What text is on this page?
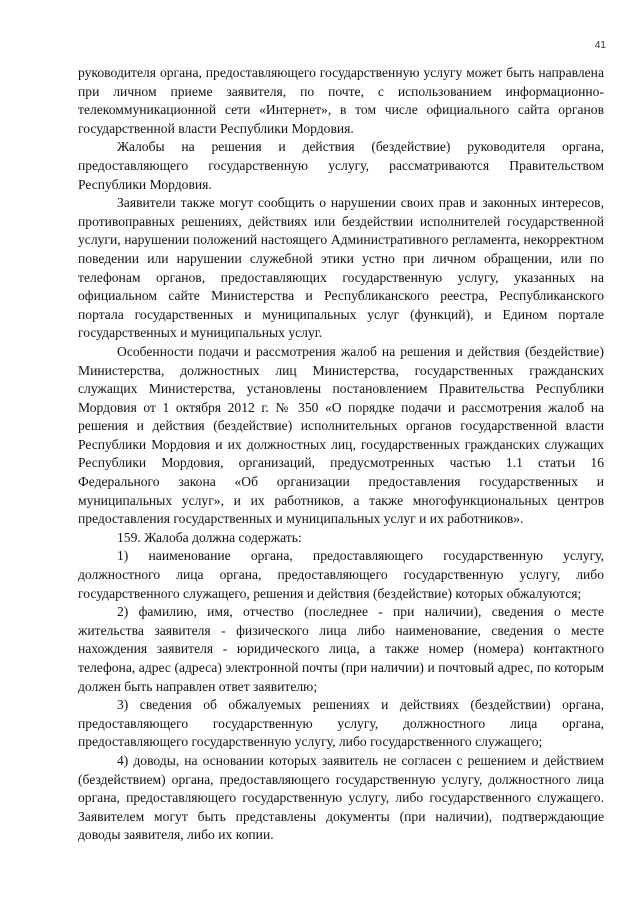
41

руководителя органа, предоставляющего государственную услугу может быть направлена при личном приеме заявителя, по почте, с использованием информационно-телекоммуникационной сети «Интернет», в том числе официального сайта органов государственной власти Республики Мордовия.

Жалобы на решения и действия (бездействие) руководителя органа, предоставляющего государственную услугу, рассматриваются Правительством Республики Мордовия.

Заявители также могут сообщить о нарушении своих прав и законных интересов, противоправных решениях, действиях или бездействии исполнителей государственной услуги, нарушении положений настоящего Административного регламента, некорректном поведении или нарушении служебной этики устно при личном обращении, или по телефонам органов, предоставляющих государственную услугу, указанных на официальном сайте Министерства и Республиканского реестра, Республиканского портала государственных и муниципальных услуг (функций), и Едином портале государственных и муниципальных услуг.

Особенности подачи и рассмотрения жалоб на решения и действия (бездействие) Министерства, должностных лиц Министерства, государственных гражданских служащих Министерства, установлены постановлением Правительства Республики Мордовия от 1 октября 2012 г. № 350 «О порядке подачи и рассмотрения жалоб на решения и действия (бездействие) исполнительных органов государственной власти Республики Мордовия и их должностных лиц, государственных гражданских служащих Республики Мордовия, организаций, предусмотренных частью 1.1 статьи 16 Федерального закона «Об организации предоставления государственных и муниципальных услуг», и их работников, а также многофункциональных центров предоставления государственных и муниципальных услуг и их работников».

159. Жалоба должна содержать:

1) наименование органа, предоставляющего государственную услугу, должностного лица органа, предоставляющего государственную услугу, либо государственного служащего, решения и действия (бездействие) которых обжалуются;

2) фамилию, имя, отчество (последнее - при наличии), сведения о месте жительства заявителя - физического лица либо наименование, сведения о месте нахождения заявителя - юридического лица, а также номер (номера) контактного телефона, адрес (адреса) электронной почты (при наличии) и почтовый адрес, по которым должен быть направлен ответ заявителю;

3) сведения об обжалуемых решениях и действиях (бездействии) органа, предоставляющего государственную услугу, должностного лица органа, предоставляющего государственную услугу, либо государственного служащего;

4) доводы, на основании которых заявитель не согласен с решением и действием (бездействием) органа, предоставляющего государственную услугу, должностного лица органа, предоставляющего государственную услугу, либо государственного служащего. Заявителем могут быть представлены документы (при наличии), подтверждающие доводы заявителя, либо их копии.
